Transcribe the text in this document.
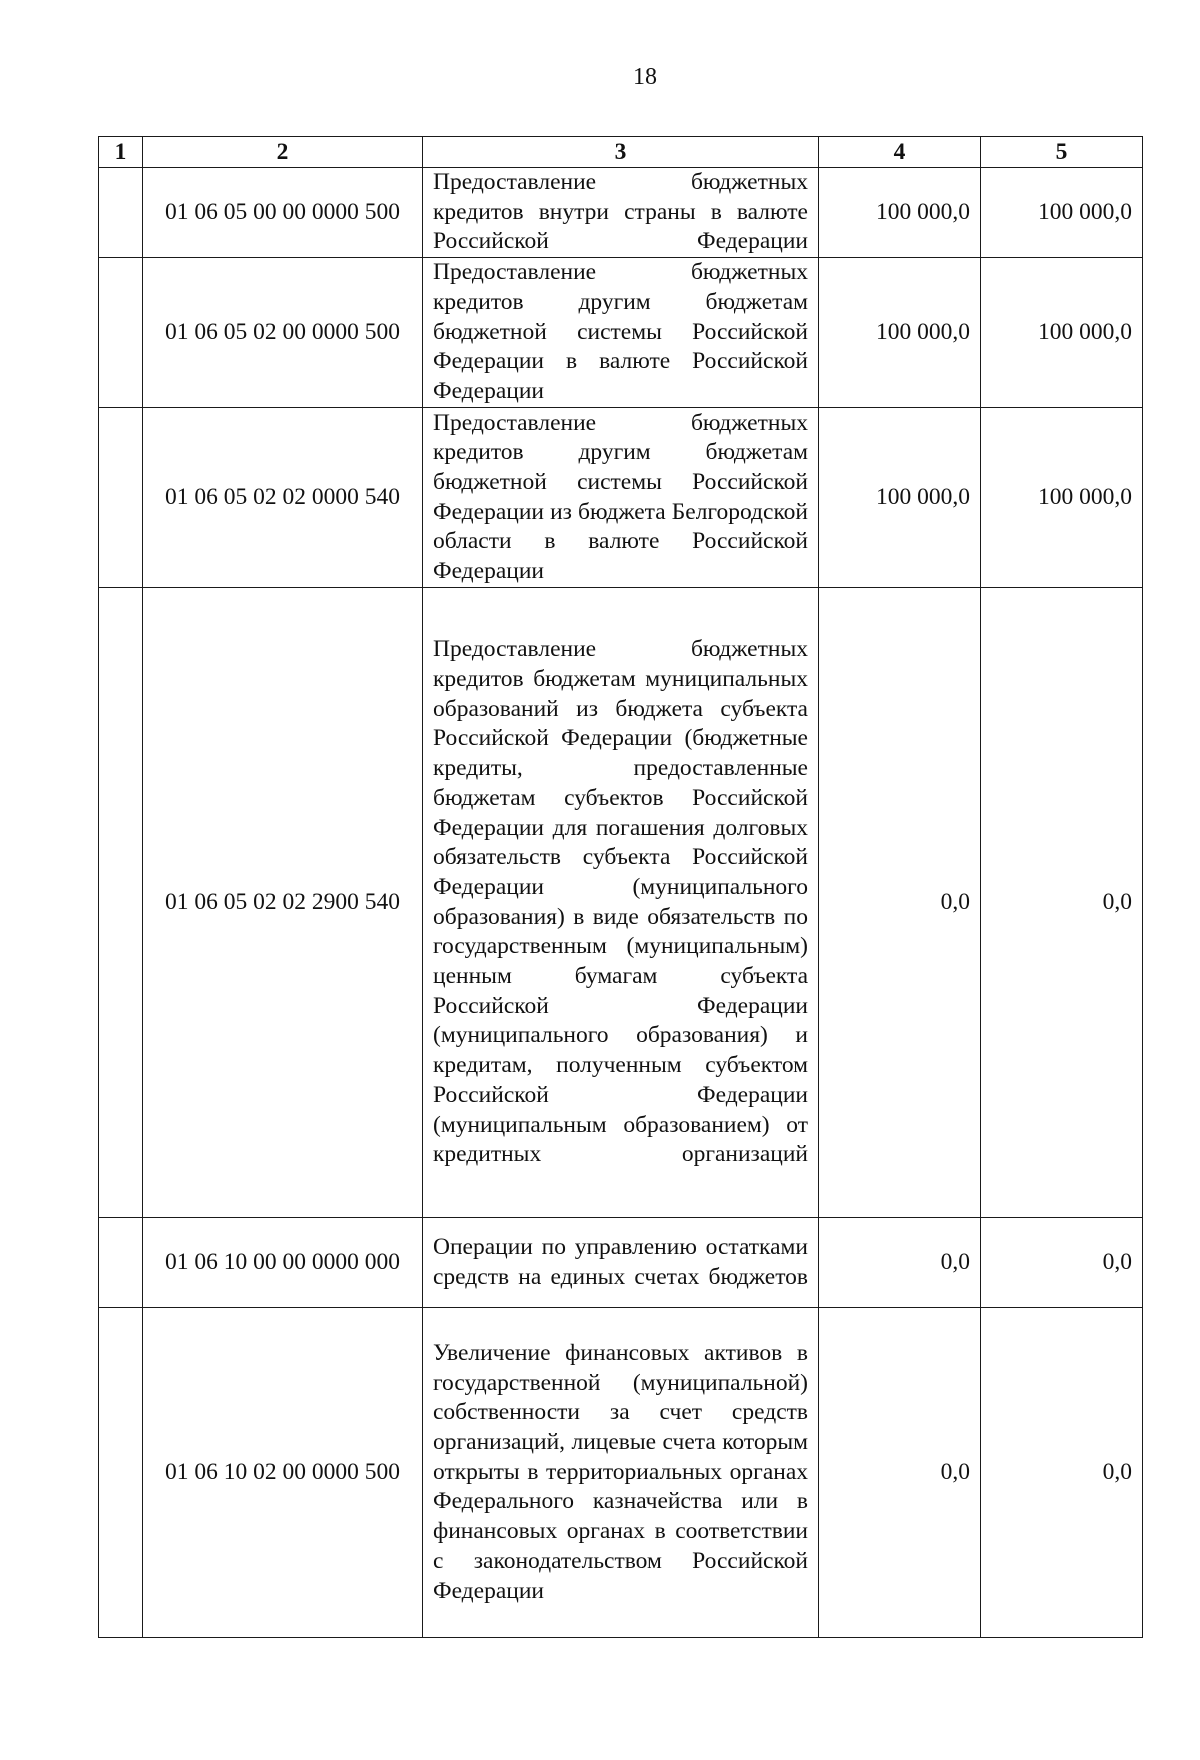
18
1	2	3	4	5
	01 06 05 00 00 0000 500	Предоставление бюджетных кредитов внутри страны в валюте Российской Федерации	100 000,0	100 000,0
	01 06 05 02 00 0000 500	Предоставление бюджетных кредитов другим бюджетам бюджетной системы Российской Федерации в валюте Российской Федерации	100 000,0	100 000,0
	01 06 05 02 02 0000 540	Предоставление бюджетных кредитов другим бюджетам бюджетной системы Российской Федерации из бюджета Белгородской области в валюте Российской Федерации	100 000,0	100 000,0
	01 06 05 02 02 2900 540	Предоставление бюджетных кредитов бюджетам муниципальных образований из бюджета субъекта Российской Федерации (бюджетные кредиты, предоставленные бюджетам субъектов Российской Федерации для погашения долговых обязательств субъекта Российской Федерации (муниципального образования) в виде обязательств по государственным (муниципальным) ценным бумагам субъекта Российской Федерации (муниципального образования) и кредитам, полученным субъектом Российской Федерации (муниципальным образованием) от кредитных организаций	0,0	0,0
	01 06 10 00 00 0000 000	Операции по управлению остатками средств на единых счетах бюджетов	0,0	0,0
	01 06 10 02 00 0000 500	Увеличение финансовых активов в государственной (муниципальной) собственности за счет средств организаций, лицевые счета которым открыты в территориальных органах Федерального казначейства или в финансовых органах в соответствии с законодательством Российской Федерации	0,0	0,0
